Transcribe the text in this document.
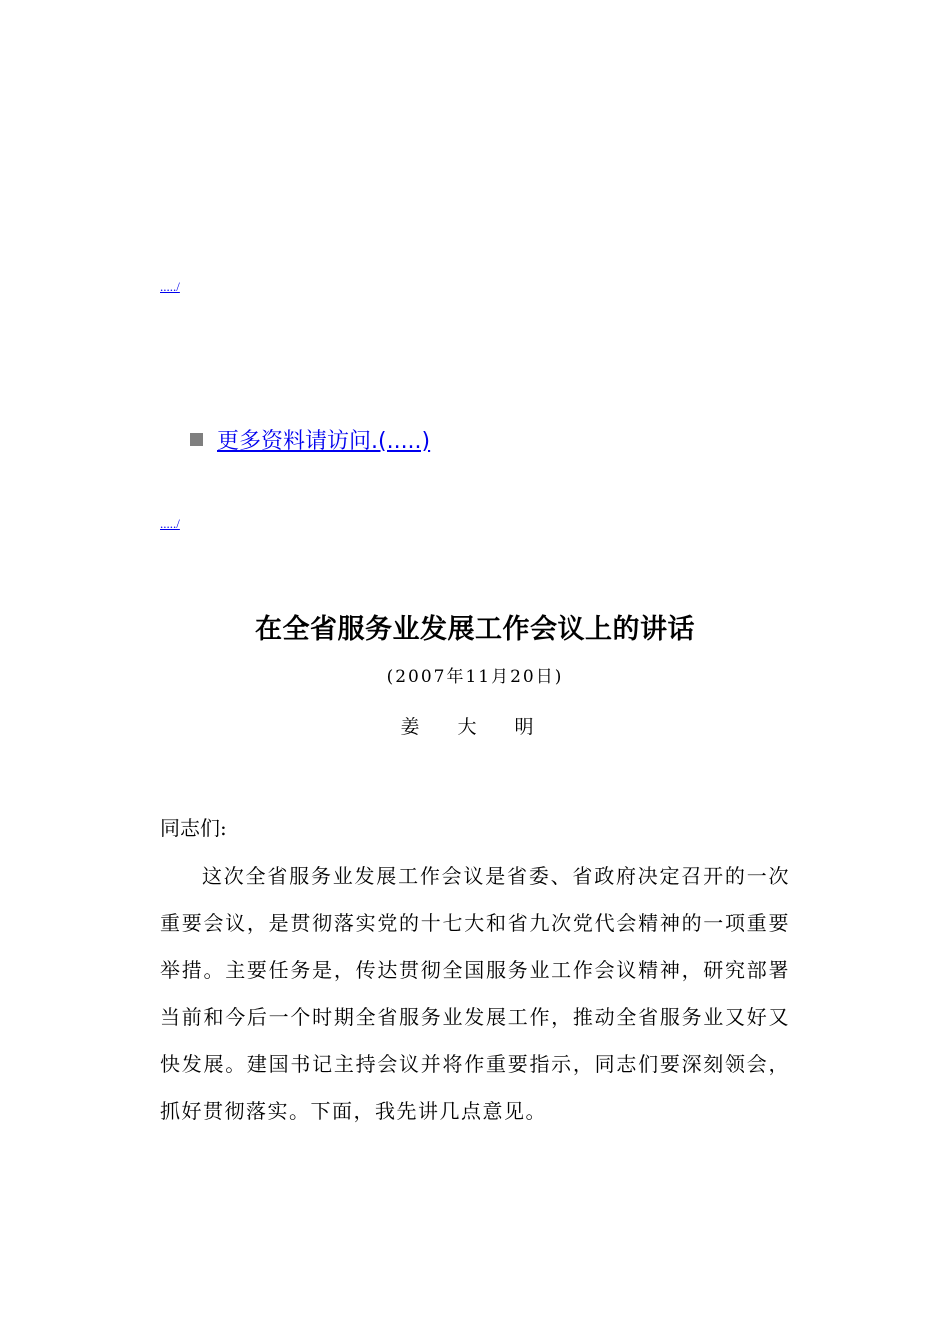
...../
更多资料请访问.(.....)
...../
在全省服务业发展工作会议上的讲话
(2007年11月20日)
姜 大 明
同志们:

这次全省服务业发展工作会议是省委、省政府决定召开的一次重要会议，是贯彻落实党的十七大和省九次党代会精神的一项重要举措。主要任务是，传达贯彻全国服务业工作会议精神，研究部署当前和今后一个时期全省服务业发展工作，推动全省服务业又好又快发展。建国书记主持会议并将作重要指示，同志们要深刻领会，抓好贯彻落实。下面，我先讲几点意见。
